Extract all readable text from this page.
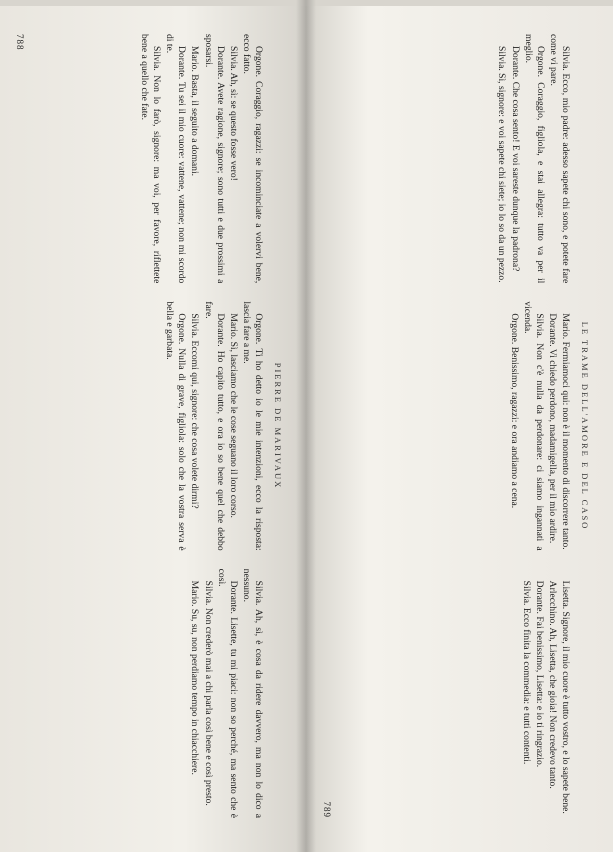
PIERRE DE MARIVAUX

Orgone. Coraggio, ragazzi: se incominciate a volervi bene, ecco fatto.

Silvia. Ah, sì: se questo fosse vero!

Dorante. Avete ragione, signore; sono tutti e due prossimi a sposarsi.

Mario. Basta, il seguito a domani.

Dorante. Tu sei il mio cuore: vattene, vattene; non mi scordo di te.

Silvia. Non lo farò, signore: ma voi, per favore, riflettete bene a quello che fate.

Orgone. Ti ho detto io le mie intenzioni, ecco la risposta: lascia fare a me.

Mario. Sì, lasciamo che le cose seguano il loro corso.

Dorante. Ho capito tutto, e ora io so bene quel che debbo fare.

Silvia. Eccomi qui, signore: che cosa volete dirmi?

Orgone. Nulla di grave, figliola: solo che la vostra serva è bella e garbata.

Silvia. Ah, sì, è cosa da ridere davvero, ma non lo dico a nessuno.

Dorante. Lisette, tu mi piaci: non so perché, ma sento che è così.

Silvia. Non crederò mai a chi parla così bene e così presto.

Mario. Su, su, non perdiamo tempo in chiacchiere.

788
LE TRAME DELL'AMORE E DEL CASO

Silvia. Ecco, mio padre: adesso sapete chi sono, e potete fare come vi pare.

Orgone. Coraggio, figliola, e stai allegra: tutto va per il meglio.

Dorante. Che cosa sento! E voi sareste dunque la padrona?

Silvia. Sì, signore: e voi sapete chi siete; io lo so da un pezzo.

Mario. Fermiamoci qui: non è il momento di discorrere tanto.

Dorante. Vi chiedo perdono, madamigella, per il mio ardire.

Silvia. Non c'è nulla da perdonare: ci siamo ingannati a vicenda.

Orgone. Benissimo, ragazzi: e ora andiamo a cena.

Lisetta. Signore, il mio cuore è tutto vostro, e lo sapete bene.

Arlecchino. Ah, Lisetta, che gioia! Non credevo tanto.

Dorante. Fai benissimo, Lisetta: e io ti ringrazio.

Silvia. Ecco finita la commedia: e tutti contenti.

789
